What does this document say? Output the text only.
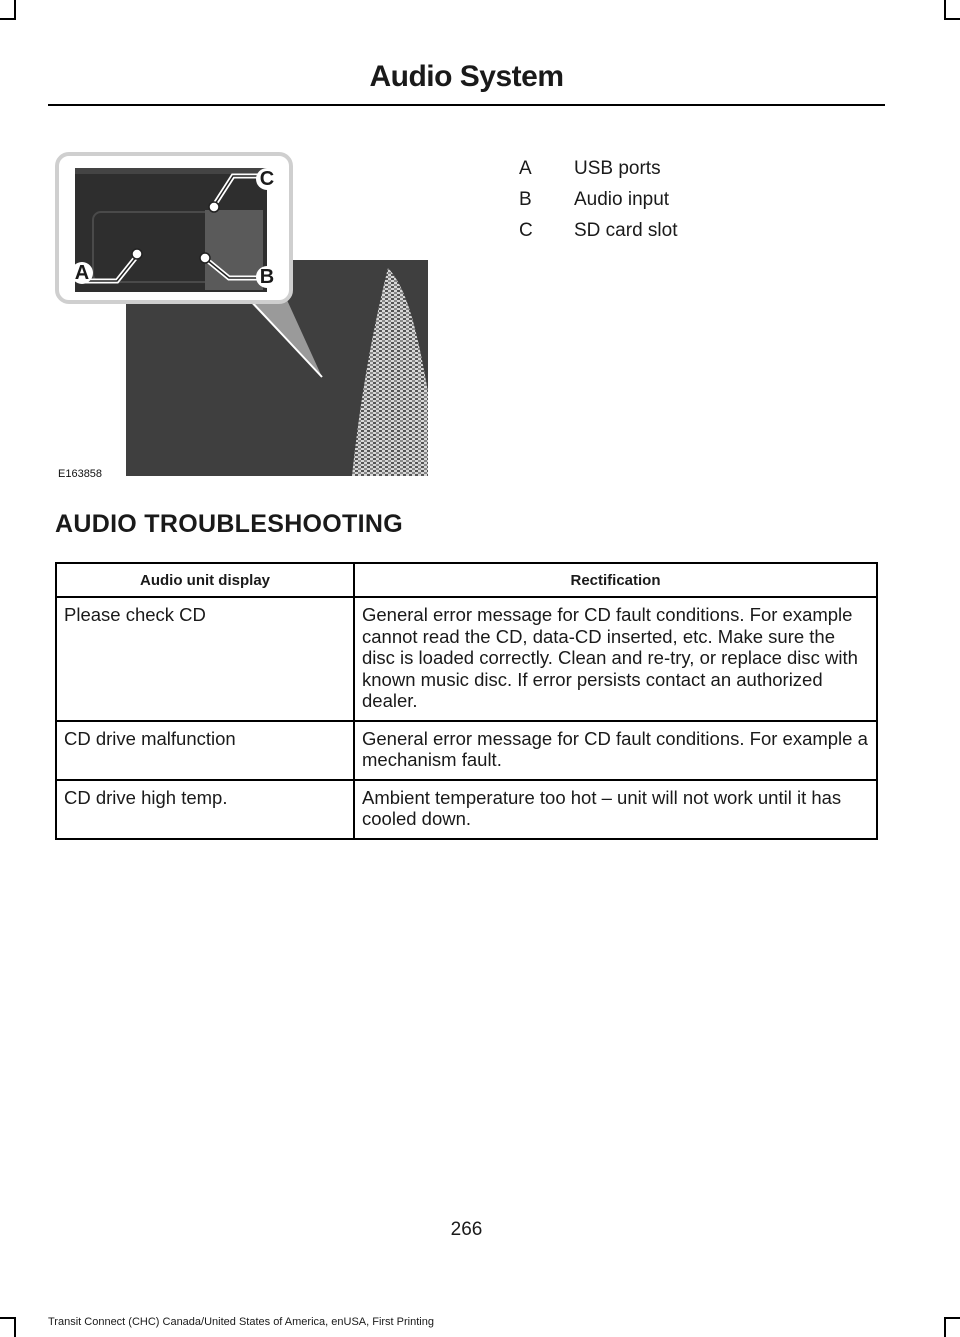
Audio System
A	B
C
E163858
A	USB ports
B	Audio input
C	SD card slot
AUDIO TROUBLESHOOTING
Audio unit display	Rectification
Please check CD	General error message for CD fault conditions. For example cannot read the CD, data-CD inserted, etc. Make sure the disc is loaded correctly. Clean and re-try, or replace disc with known music disc. If error persists contact an authorized dealer.
CD drive malfunction	General error message for CD fault conditions. For example a mechanism fault.
CD drive high temp.	Ambient temperature too hot – unit will not work until it has cooled down.
266
Transit Connect (CHC) Canada/United States of America, enUSA, First Printing
